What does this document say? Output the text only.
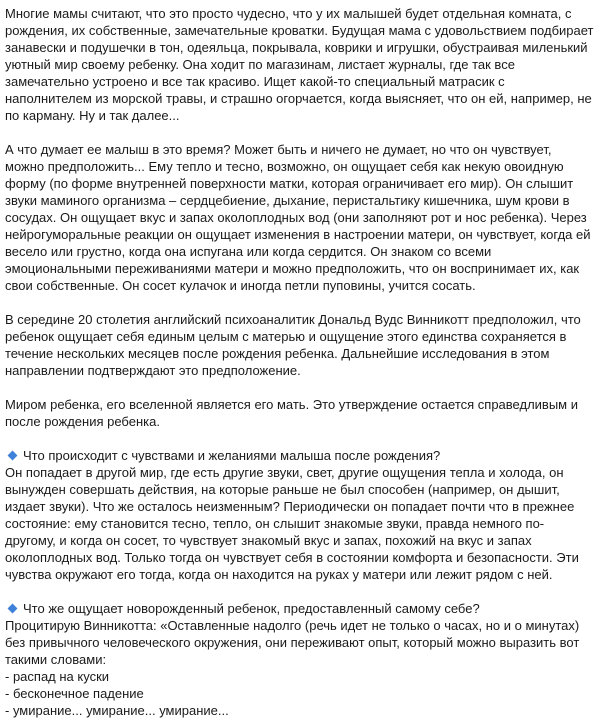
Многие мамы считают, что это просто чудесно, что у их малышей будет отдельная комната, с рождения, их собственные, замечательные кроватки. Будущая мама с удовольствием подбирает занавески и подушечки в тон, одеяльца, покрывала, коврики и игрушки, обустраивая миленький уютный мир своему ребенку. Она ходит по магазинам, листает журналы, где так все замечательно устроено и все так красиво. Ищет какой-то специальный матрасик с наполнителем из морской травы, и страшно огорчается, когда выясняет, что он ей, например, не по карману. Ну и так далее...

А что думает ее малыш в это время? Может быть и ничего не думает, но что он чувствует, можно предположить... Ему тепло и тесно, возможно, он ощущает себя как некую овоидную форму (по форме внутренней поверхности матки, которая ограничивает его мир). Он слышит звуки маминого организма – сердцебиение, дыхание, перистальтику кишечника, шум крови в сосудах. Он ощущает вкус и запах околоплодных вод (они заполняют рот и нос ребенка). Через нейрогуморальные реакции он ощущает изменения в настроении матери, он чувствует, когда ей весело или грустно, когда она испугана или когда сердится. Он знаком со всеми эмоциональными переживаниями матери и можно предположить, что он воспринимает их, как свои собственные. Он сосет кулачок и иногда петли пуповины, учится сосать.

В середине 20 столетия английский психоаналитик Дональд Вудс Винникотт предположил, что ребенок ощущает себя единым целым с матерью и ощущение этого единства сохраняется в течение нескольких месяцев после рождения ребенка. Дальнейшие исследования в этом направлении подтверждают это предположение.

Миром ребенка, его вселенной является его мать. Это утверждение остается справедливым и после рождения ребенка.

Что происходит с чувствами и желаниями малыша после рождения?
Он попадает в другой мир, где есть другие звуки, свет, другие ощущения тепла и холода, он вынужден совершать действия, на которые раньше не был способен (например, он дышит, издает звуки). Что же осталось неизменным? Периодически он попадает почти что в прежнее состояние: ему становится тесно, тепло, он слышит знакомые звуки, правда немного по-другому, и когда он сосет, то чувствует знакомый вкус и запах, похожий на вкус и запах околоплодных вод. Только тогда он чувствует себя в состоянии комфорта и безопасности. Эти чувства окружают его тогда, когда он находится на руках у матери или лежит рядом с ней.

Что же ощущает новорожденный ребенок, предоставленный самому себе?
Процитирую Винникотта: «Оставленные надолго (речь идет не только о часах, но и о минутах) без привычного человеческого окружения, они переживают опыт, который можно выразить вот такими словами:
- распад на куски
- бесконечное падение
- умирание... умирание... умирание...
